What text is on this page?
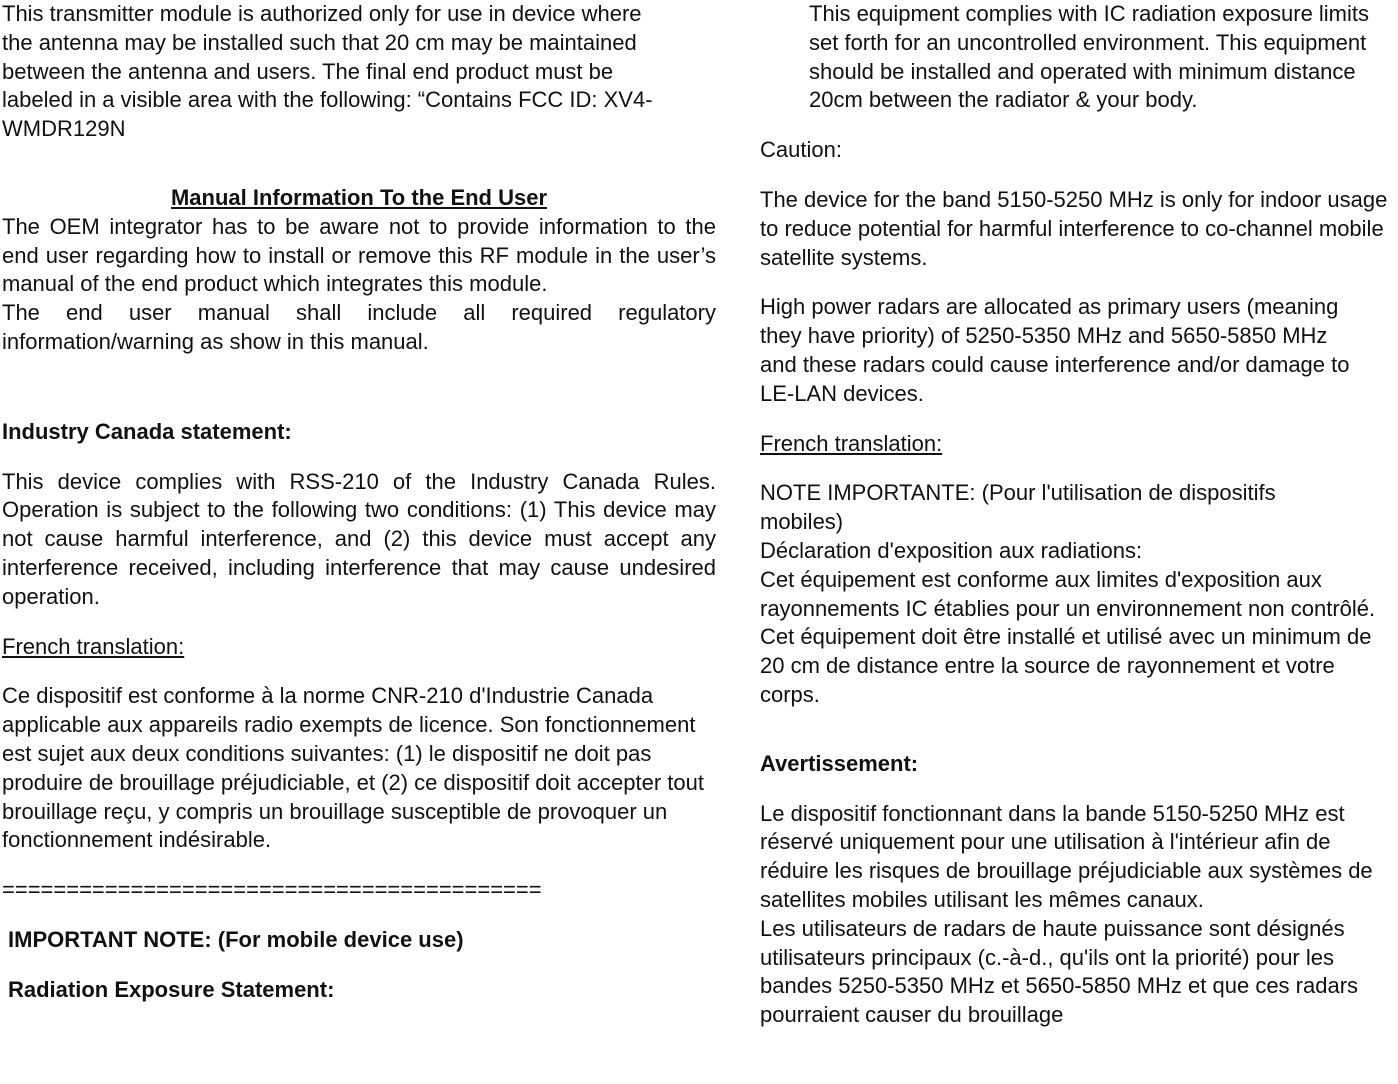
This transmitter module is authorized only for use in device where the antenna may be installed such that 20 cm may be maintained between the antenna and users. The final end product must be labeled in a visible area with the following: “Contains FCC ID: XV4-WMDR129N

Manual Information To the End User

The OEM integrator has to be aware not to provide information to the end user regarding how to install or remove this RF module in the user’s manual of the end product which integrates this module.

The end user manual shall include all required regulatory information/warning as show in this manual.

Industry Canada statement:

This device complies with RSS-210 of the Industry Canada Rules. Operation is subject to the following two conditions: (1) This device may not cause harmful interference, and (2) this device must accept any interference received, including interference that may cause undesired operation.

French translation:

Ce dispositif est conforme à la norme CNR-210 d'Industrie Canada applicable aux appareils radio exempts de licence. Son fonctionnement est sujet aux deux conditions suivantes: (1) le dispositif ne doit pas produire de brouillage préjudiciable, et (2) ce dispositif doit accepter tout brouillage reçu, y compris un brouillage susceptible de provoquer un fonctionnement indésirable.

==========================================

IMPORTANT NOTE: (For mobile device use)

Radiation Exposure Statement:

This equipment complies with IC radiation exposure limits set forth for an uncontrolled environment. This equipment should be installed and operated with minimum distance 20cm between the radiator & your body.

Caution:

The device for the band 5150-5250 MHz is only for indoor usage to reduce potential for harmful interference to co-channel mobile satellite systems.

High power radars are allocated as primary users (meaning they have priority) of 5250-5350 MHz and 5650-5850 MHz and these radars could cause interference and/or damage to LE-LAN devices.

French translation:

NOTE IMPORTANTE: (Pour l'utilisation de dispositifs mobiles)

Déclaration d'exposition aux radiations:

Cet équipement est conforme aux limites d'exposition aux rayonnements IC établies pour un environnement non contrôlé. Cet équipement doit être installé et utilisé avec un minimum de 20 cm de distance entre la source de rayonnement et votre corps.

Avertissement:

Le dispositif fonctionnant dans la bande 5150-5250 MHz est réservé uniquement pour une utilisation à l'intérieur afin de réduire les risques de brouillage préjudiciable aux systèmes de satellites mobiles utilisant les mêmes canaux.

Les utilisateurs de radars de haute puissance sont désignés utilisateurs principaux (c.-à-d., qu'ils ont la priorité) pour les bandes 5250-5350 MHz et 5650-5850 MHz et que ces radars pourraient causer du brouillage
